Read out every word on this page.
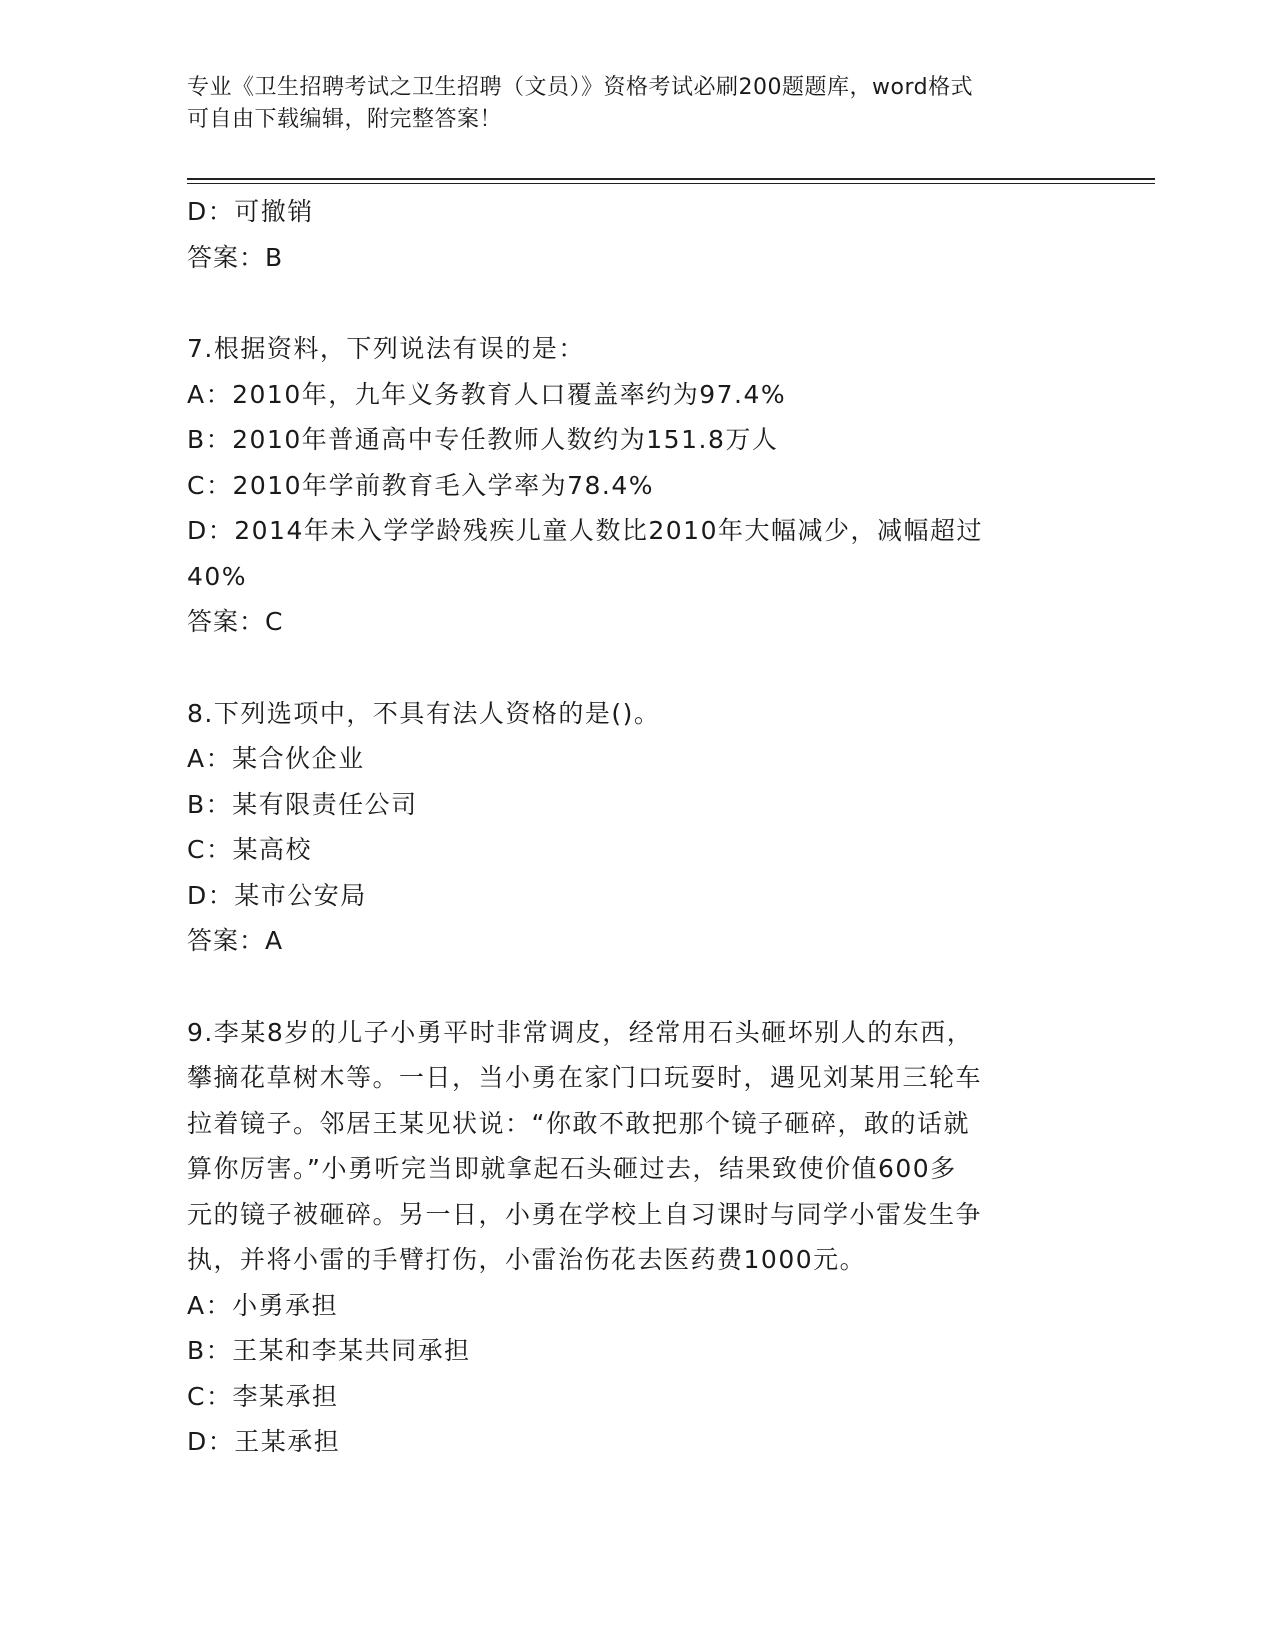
专业《卫生招聘考试之卫生招聘（文员）》资格考试必刷200题题库，word格式
可自由下载编辑，附完整答案！
D：可撤销
答案：B
7.根据资料，下列说法有误的是：
A：2010年，九年义务教育人口覆盖率约为97.4%
B：2010年普通高中专任教师人数约为151.8万人
C：2010年学前教育毛入学率为78.4%
D：2014年未入学学龄残疾儿童人数比2010年大幅减少，减幅超过
40%
答案：C
8.下列选项中，不具有法人资格的是()。
A：某合伙企业
B：某有限责任公司
C：某高校
D：某市公安局
答案：A
9.李某8岁的儿子小勇平时非常调皮，经常用石头砸坏别人的东西，
攀摘花草树木等。一日，当小勇在家门口玩耍时，遇见刘某用三轮车
拉着镜子。邻居王某见状说：“你敢不敢把那个镜子砸碎，敢的话就
算你厉害。”小勇听完当即就拿起石头砸过去，结果致使价值600多
元的镜子被砸碎。另一日，小勇在学校上自习课时与同学小雷发生争
执，并将小雷的手臂打伤，小雷治伤花去医药费1000元。
A：小勇承担
B：王某和李某共同承担
C：李某承担
D：王某承担
